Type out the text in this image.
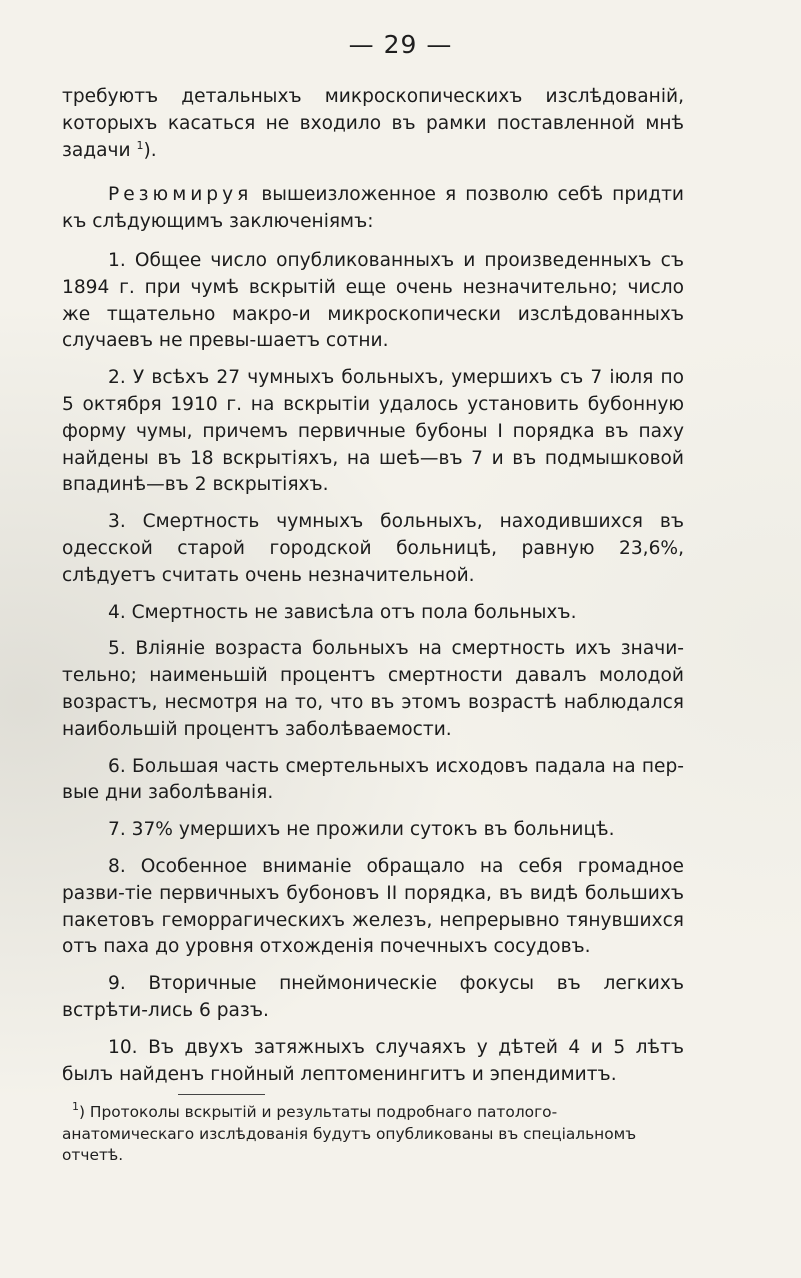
— 29 —

требуютъ детальныхъ микроскопическихъ изслѣдованій, которыхъ касаться не входило въ рамки поставленной мнѣ задачи $^1$).

Резюмируя вышеизложенное я позволю себѣ придти къ слѣдующимъ заключеніямъ:

1. Общее число опубликованныхъ и произведенныхъ съ 1894 г. при чумѣ вскрытій еще очень незначительно; число же тщательно макро-и микроскопически изслѣдованныхъ случаевъ не превы-шаетъ сотни.

2. У всѣхъ 27 чумныхъ больныхъ, умершихъ съ 7 іюля по 5 октября 1910 г. на вскрытіи удалось установить бубонную форму чумы, причемъ первичные бубоны I порядка въ паху найдены въ 18 вскрытіяхъ, на шеѣ—въ 7 и въ подмышковой впадинѣ—въ 2 вскрытіяхъ.

3. Смертность чумныхъ больныхъ, находившихся въ одесской старой городской больницѣ, равную 23,6%, слѣдуетъ считать очень незначительной.

4. Смертность не зависѣла отъ пола больныхъ.

5. Вліяніе возраста больныхъ на смертность ихъ значи-тельно; наименьшій процентъ смертности давалъ молодой возрастъ, несмотря на то, что въ этомъ возрастѣ наблюдался наибольшій процентъ заболѣваемости.

6. Большая часть смертельныхъ исходовъ падала на пер-вые дни заболѣванія.

7. 37% умершихъ не прожили сутокъ въ больницѣ.

8. Особенное вниманіе обращало на себя громадное разви-тіе первичныхъ бубоновъ II порядка, въ видѣ большихъ пакетовъ геморрагическихъ железъ, непрерывно тянувшихся отъ паха до уровня отхожденія почечныхъ сосудовъ.

9. Вторичные пнеймоническіе фокусы въ легкихъ встрѣти-лись 6 разъ.

10. Въ двухъ затяжныхъ случаяхъ у дѣтей 4 и 5 лѣтъ былъ найденъ гнойный лептоменингитъ и эпендимитъ.

$^1$) Протоколы вскрытій и результаты подробнаго патолого-анатомическаго изслѣдованія будутъ опубликованы въ спеціальномъ отчетѣ.
